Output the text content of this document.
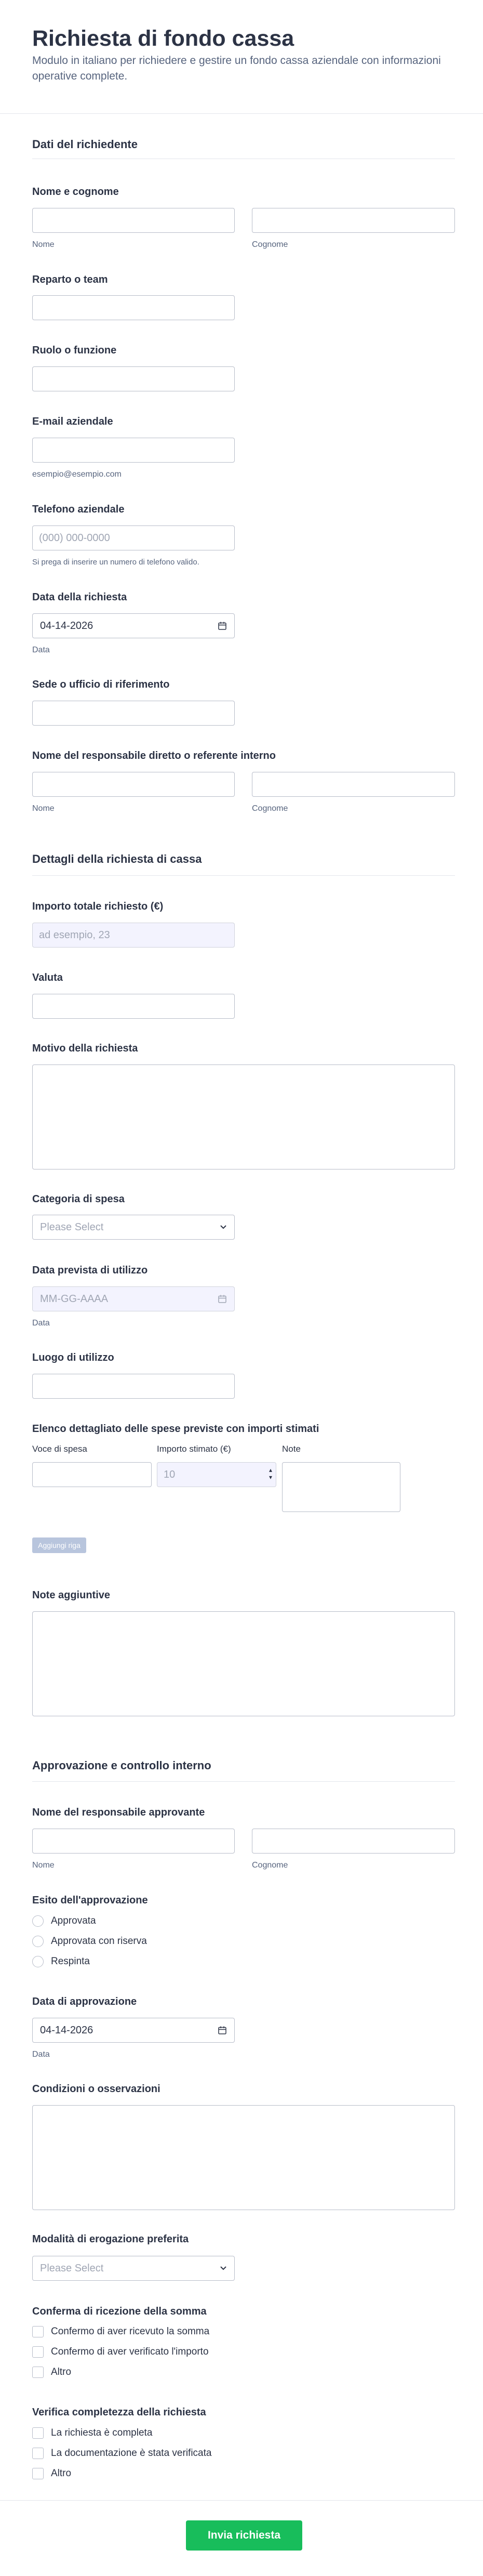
Richiesta di fondo cassa
Modulo in italiano per richiedere e gestire un fondo cassa aziendale con informazioni operative complete.
Dati del richiedente
Nome e cognome
Nome	Cognome
Reparto o team
Ruolo o funzione
E-mail aziendale
esempio@esempio.com
Telefono aziendale
(000) 000-0000
Si prega di inserire un numero di telefono valido.
Data della richiesta
04-14-2026
Data
Sede o ufficio di riferimento
Nome del responsabile diretto o referente interno
Nome	Cognome
Dettagli della richiesta di cassa
Importo totale richiesto (€)
ad esempio, 23
Valuta
Motivo della richiesta
Categoria di spesa
Please Select
Data prevista di utilizzo
MM-GG-AAAA
Data
Luogo di utilizzo
Elenco dettagliato delle spese previste con importi stimati
Voce di spesa	Importo stimato (€)	Note
10
▴
▾
Aggiungi riga
Note aggiuntive
Approvazione e controllo interno
Nome del responsabile approvante
Nome	Cognome
Esito dell'approvazione
Approvata
Approvata con riserva
Respinta
Data di approvazione
04-14-2026
Data
Condizioni o osservazioni
Modalità di erogazione preferita
Please Select
Conferma di ricezione della somma
Confermo di aver ricevuto la somma
Confermo di aver verificato l'importo
Altro
Verifica completezza della richiesta
La richiesta è completa
La documentazione è stata verificata
Altro
Invia richiesta
